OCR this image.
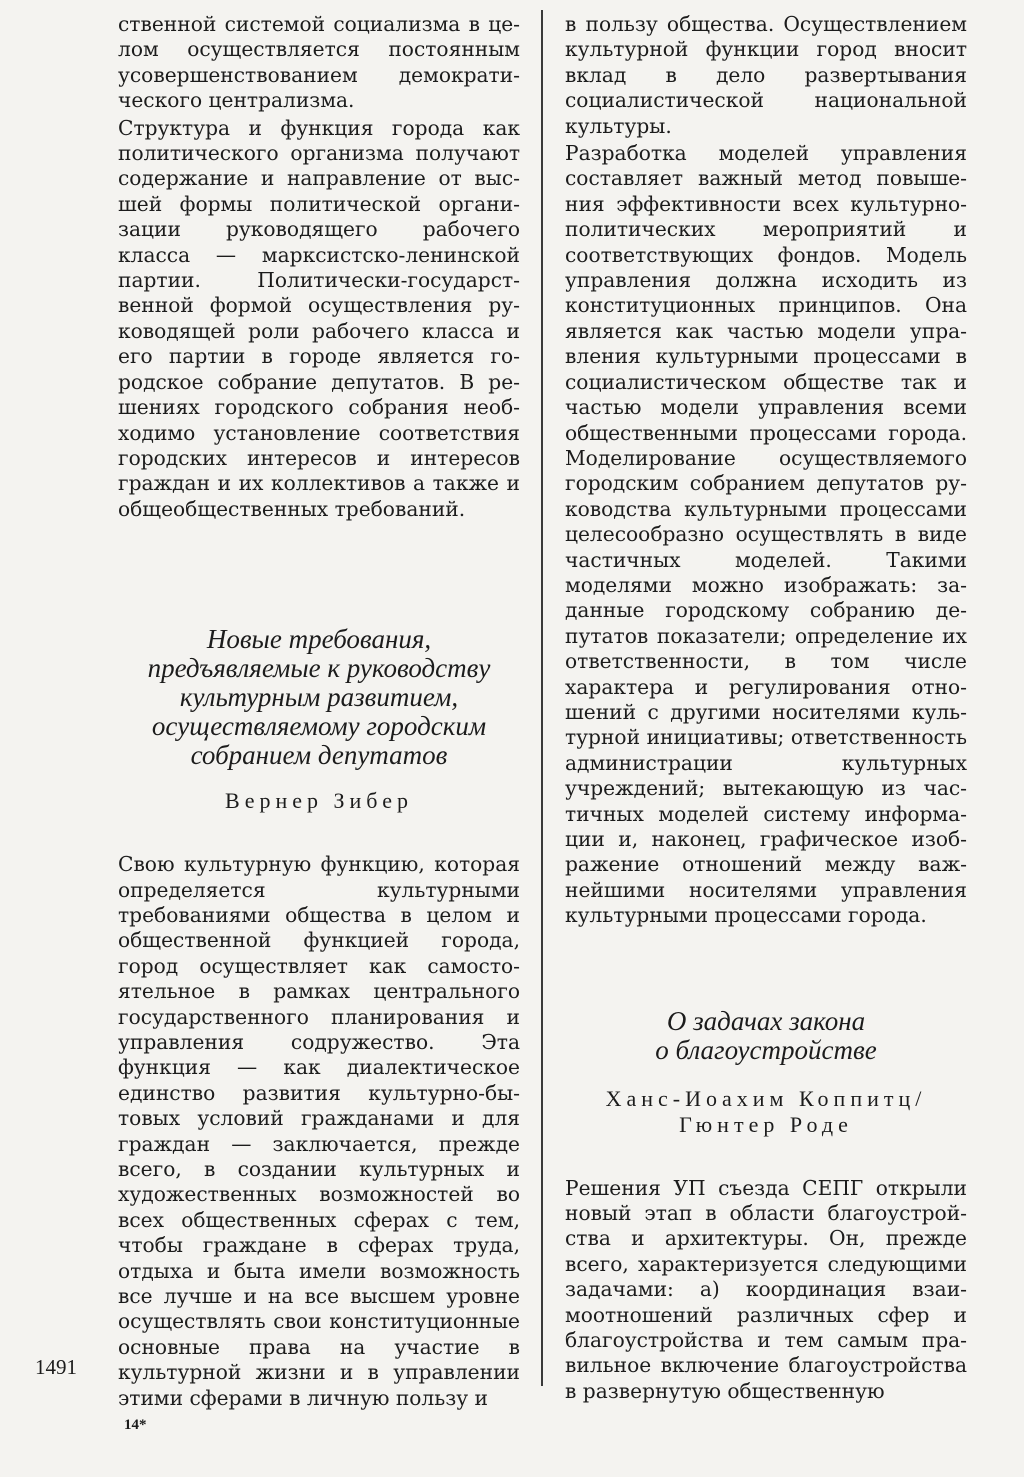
ственной системой социализма в целом осуществляется постоянным усовершенствованием демократического централизма.

Структура и функция города как политического организма получают содержание и направление от высшей формы политической организации руководящего рабочего класса — марксистско-ленинской партии. Политически-государственной формой осуществления руководящей роли рабочего класса и его партии в городе является городское собрание депутатов. В решениях городского собрания необходимо установление соответствия городских интересов и интересов граждан и их коллективов а также и общеобщественных требований.

Новые требования,
предъявляемые к руководству
культурным развитием,
осуществляемому городским
собранием депутатов
Вернер Зибер

Свою культурную функцию, которая определяется культурными требованиями общества в целом и общественной функцией города, город осуществляет как самостоятельное в рамках центрального государственного планирования и управления содружество. Эта функция — как диалектическое единство развития культурно-бытовых условий гражданами и для граждан — заключается, прежде всего, в создании культурных и художественных возможностей во всех общественных сферах с тем, чтобы граждане в сферах труда, отдыха и быта имели возможность все лучше и на все высшем уровне осуществлять свои конституционные основные права на участие в культурной жизни и в управлении этими сферами в личную пользу и

в пользу общества. Осуществлением культурной функции город вносит вклад в дело развертывания социалистической национальной культуры.

Разработка моделей управления составляет важный метод повышения эффективности всех культурно-политических мероприятий и соответствующих фондов. Модель управления должна исходить из конституционных принципов. Она является как частью модели управления культурными процессами в социалистическом обществе так и частью модели управления всеми общественными процессами города. Моделирование осуществляемого городским собранием депутатов руководства культурными процессами целесообразно осуществлять в виде частичных моделей. Такими моделями можно изображать: заданные городскому собранию депутатов показатели; определение их ответственности, в том числе характера и регулирования отношений с другими носителями культурной инициативы; ответственность администрации культурных учреждений; вытекающую из частичных моделей систему информации и, наконец, графическое изображение отношений между важнейшими носителями управления культурными процессами города.

О задачах закона
о благоустройстве
Ханс-Иоахим Коппитц/
Гюнтер Роде

Решения УП съезда СЕПГ открыли новый этап в области благоустройства и архитектуры. Он, прежде всего, характеризуется следующими задачами: а) координация взаимоотношений различных сфер и благоустройства и тем самым правильное включение благоустройства в развернутую общественную

1491
14*
